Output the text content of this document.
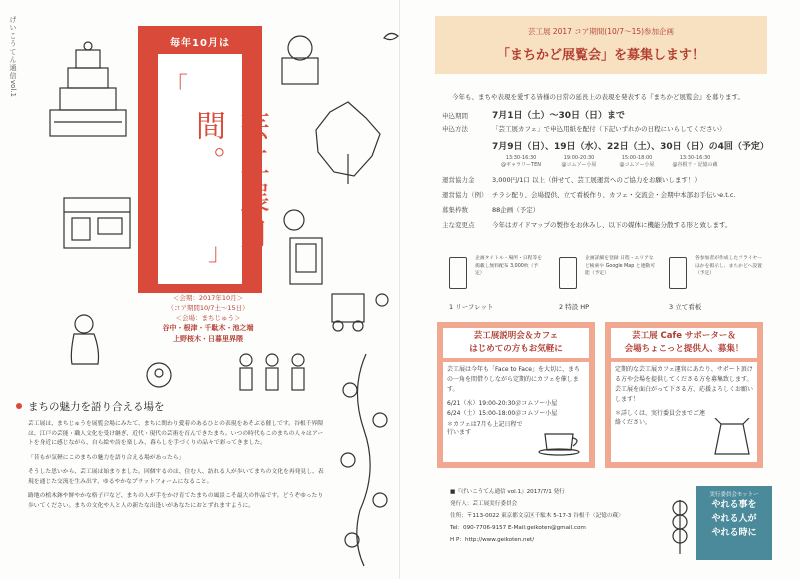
げいこうてん通信
vol.1
毎年10月は
「
芸工展月間。
」
＜会期：2017年10月＞
（コア期間10/7土〜15日）
＜会場：まちじゅう＞
谷中・根津・千駄木・池之端
上野桜木・日暮里界隈
まちの魅力を語り合える場を

芸工展は、まちじゅうを展覧会場にみたて、まちに関わり愛着のあるひとの表現をあそぶる催しです。谷根千界隈は、江戸の芸能・職人文化を受け継ぎ、近代・現代の芸術を育んできたまち。いつの時代もこのまちの人々はアートを身近に感じながら、自ら絵や詩を楽しみ、暮らしを手づくりの品々で彩ってきました。

「昔もが気軽にこのまちの魅力を語り合える場があったら」

そうした思いから、芸工展は始まりました。回個するのは、住む人、訪れる人が歩いてまちの文化を再発見し、表現を通じた交流を生み出す、ゆるやかなプラットフォームになること。

路地の植木鉢や鮮やかな格子戸など、まちの人が手をかけ育てたまちの風景こそ最大の作品です。どうぞゆったり歩いてください。まちの文化や人と人の新たな出逢いがあなたにおとずれますように。

芸工展 2017 コア期間(10/7〜15)参加企画
「まちかど展覧会」を募集します！
今年も、まちや表現を愛する皆様の日常の延長上の表現を発表する『まちかど展覧会』を募ります。
申込期間	7月1日（土）〜30日（日）まで
申込方法	「芸工展カフェ」で申込用紙を配付（下記いずれかの日程にいらしてください）
7月9日（日）、19日（水）、22日（土）、30日（日）の4回（予定）
13:30-16:30
@ギャラリーTEN
19:00-20:30
@コムソー小屋
15:00-18:00
@コムソー小屋
13:30-16:30
@谷根千・記憶の蔵
運営協力金	3,000円/1口 以上（併せて、芸工展運営へのご協力をお願いします！）
運営協力（例） チラシ配り、会場提供、立て看板作り、カフェ・交流会・会期中本部お手伝いe.t.c.
募集枠数	88企画（予定）
主な変更点	今年はガイドマップの製作をお休みし、以下の媒体に機能分散する形と致します。
企画タイトル・場所・日程等を掲載し無料配布 3,000枚（予定）
1 リーフレット
企画詳細を登録 日程・エリアなど検索や Google Map と連動可能（予定）
2 特設 HP
各参加者が作成したフライヤーほかを掲示し、まちかどへ設置（予定）
3 立て看板
芸工展説明会＆カフェ
はじめての方もお気軽に
芸工展は今年も「Face to Face」を大切に、まちの一角を間借りしながら定期的にカフェを催します。
6/21（水）19:00-20:30＠コムソー小屋
6/24（土）15:00-18:00＠コムソー小屋
＊カフェは7月も上記日程で行います
芸工展 Cafe サポーター＆
会場ちょこっと提供人、募集！
定期的な芸工展カフェ運営にあたり、サポート頂ける方や会場を提供してくださる方を募集致します。芸工展を面白がって下さる方、応援よろしくお願いします！
＊詳しくは、実行委員会までご連絡ください。
■『げいこうてん通信 vol.1』2017/7/1 発行
発行人：芸工展実行委員会
住所：〒113-0022 東京都文京区千駄木 5-17-3 谷根千〈記憶の蔵〉
Tel：090-7706-9157 E-Mail:geikoten@gmail.com
H P：http://www.geikoten.net/
実行委員会モットー
やれる事を
やれる人が
やれる時に
